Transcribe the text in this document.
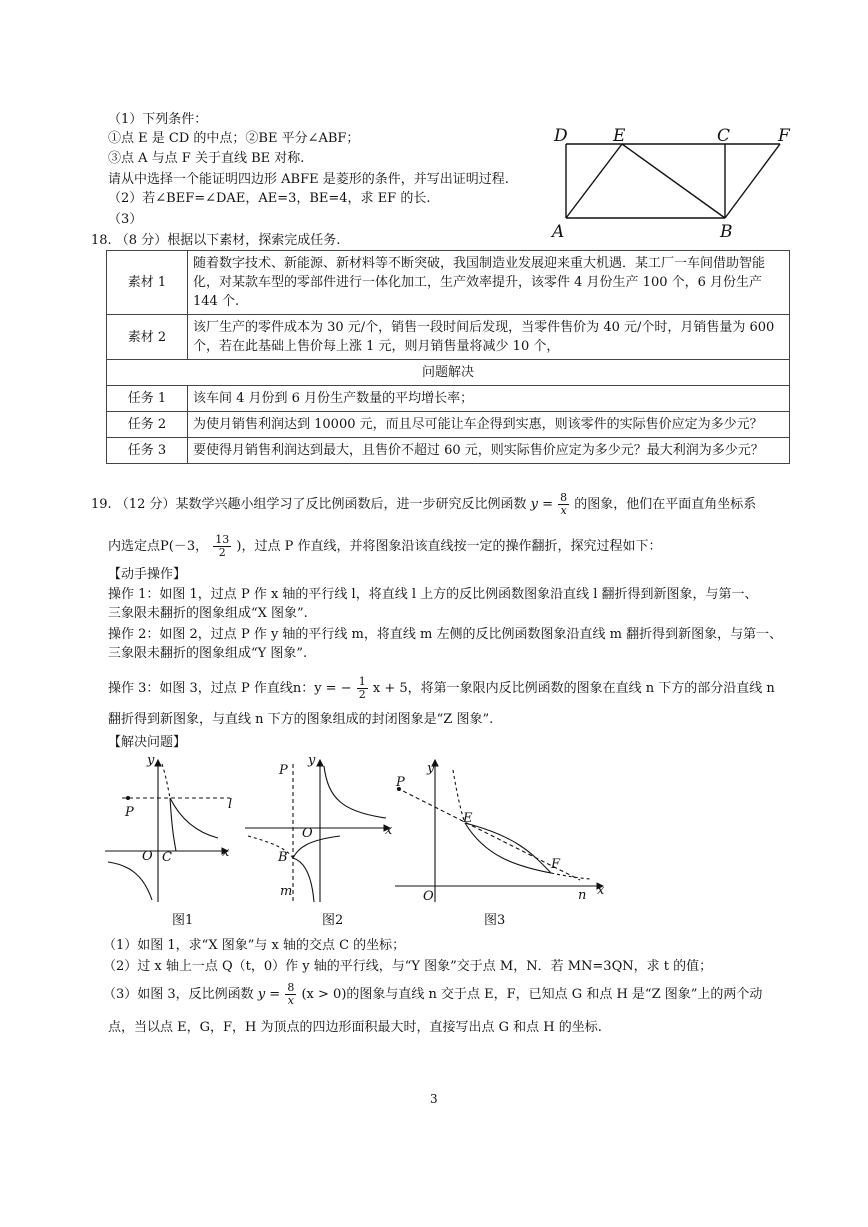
（1）下列条件：
①点 E 是 CD 的中点；②BE 平分∠ABF；
③点 A 与点 F 关于直线 BE 对称.
请从中选择一个能证明四边形 ABFE 是菱形的条件，并写出证明过程.
（2）若∠BEF=∠DAE，AE=3，BE=4，求 EF 的长.
（3）
D	E	C	F
A	B
18. （8 分）根据以下素材，探索完成任务.
素材 1	随着数字技术、新能源、新材料等不断突破，我国制造业发展迎来重大机遇．某工厂一车间借助智能化，对某款车型的零部件进行一体化加工，生产效率提升，该零件 4 月份生产 100 个，6 月份生产 144 个.
素材 2	该厂生产的零件成本为 30 元/个，销售一段时间后发现，当零件售价为 40 元/个时，月销售量为 600 个，若在此基础上售价每上涨 1 元，则月销售量将减少 10 个，
问题解决	
任务 1	该车间 4 月份到 6 月份生产数量的平均增长率；
任务 2	为使月销售利润达到 10000 元，而且尽可能让车企得到实惠，则该零件的实际售价应定为多少元？
任务 3	要使得月销售利润达到最大，且售价不超过 60 元，则实际售价应定为多少元？最大利润为多少元？
19. （12 分）某数学兴趣小组学习了反比例函数后，进一步研究反比例函数 $y = \frac{8}{x}$ 的图象，他们在平面直角坐标系
内选定点P(－3， $\frac{13}{2}$ )，过点 P 作直线，并将图象沿该直线按一定的操作翻折，探究过程如下：
【动手操作】
操作 1：如图 1，过点 P 作 x 轴的平行线 l，将直线 l 上方的反比例函数图象沿直线 l 翻折得到新图象，与第一、
三象限未翻折的图象组成“X 图象”.
操作 2：如图 2，过点 P 作 y 轴的平行线 m，将直线 m 左侧的反比例函数图象沿直线 m 翻折得到新图象，与第一、
三象限未翻折的图象组成“Y 图象”.
操作 3：如图 3，过点 P 作直线n：y = − $\frac{1}{2}$ x + 5，将第一象限内反比例函数的图象在直线 n 下方的部分沿直线 n
翻折得到新图象，与直线 n 下方的图象组成的封闭图象是“Z 图象”.
【解决问题】
y
x
O
P
C
l
图1
y
x
O
P
B
m
图2
y
x
O
P
E
F
n
图3
（1）如图 1，求“X 图象”与 x 轴的交点 C 的坐标；
（2）过 x 轴上一点 Q（t，0）作 y 轴的平行线，与“Y 图象”交于点 M，N．若 MN=3QN，求 t 的值；
（3）如图 3，反比例函数 $y = \frac{8}{x} (x > 0)$的图象与直线 n 交于点 E，F，已知点 G 和点 H 是“Z 图象”上的两个动
点，当以点 E，G，F，H 为顶点的四边形面积最大时，直接写出点 G 和点 H 的坐标.
3
